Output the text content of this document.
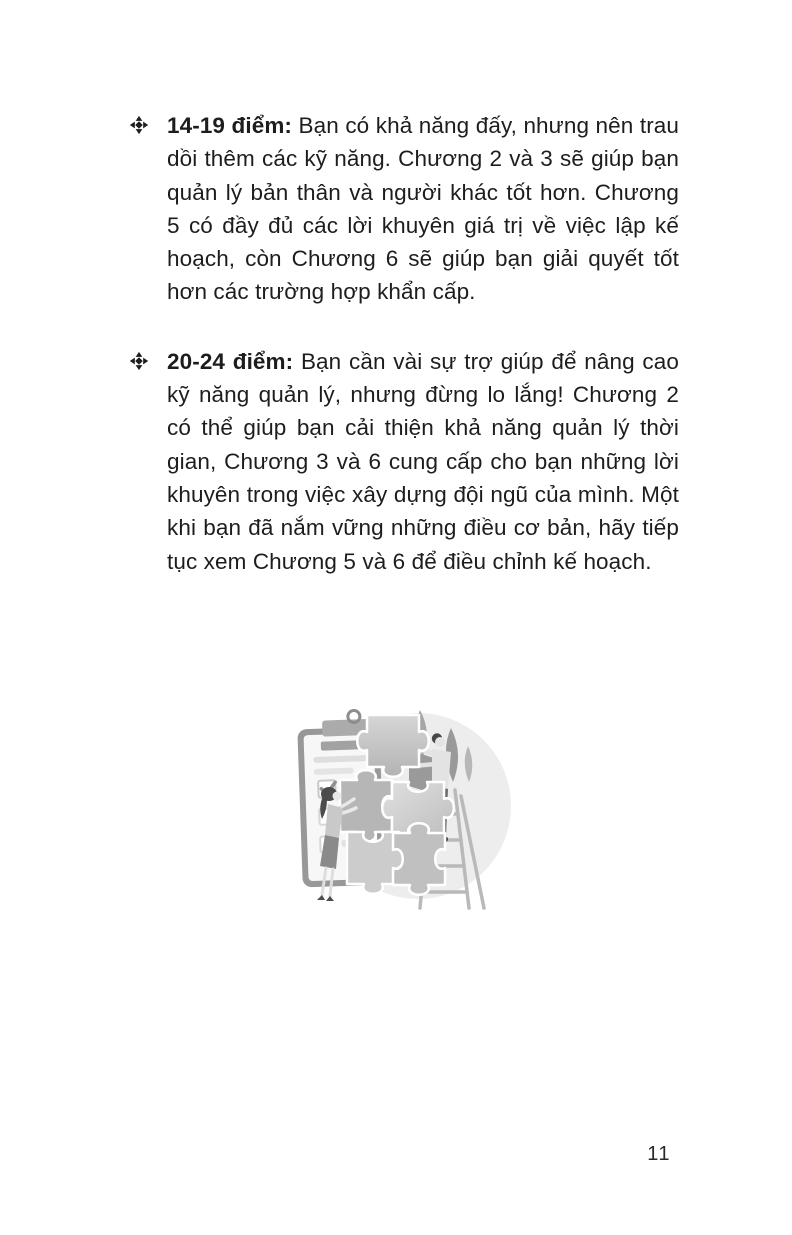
14-19 điểm: Bạn có khả năng đấy, nhưng nên trau dồi thêm các kỹ năng. Chương 2 và 3 sẽ giúp bạn quản lý bản thân và người khác tốt hơn. Chương 5 có đầy đủ các lời khuyên giá trị về việc lập kế hoạch, còn Chương 6 sẽ giúp bạn giải quyết tốt hơn các trường hợp khẩn cấp.

20-24 điểm: Bạn cần vài sự trợ giúp để nâng cao kỹ năng quản lý, nhưng đừng lo lắng! Chương 2 có thể giúp bạn cải thiện khả năng quản lý thời gian, Chương 3 và 6 cung cấp cho bạn những lời khuyên trong việc xây dựng đội ngũ của mình. Một khi bạn đã nắm vững những điều cơ bản, hãy tiếp tục xem Chương 5 và 6 để điều chỉnh kế hoạch.

11
